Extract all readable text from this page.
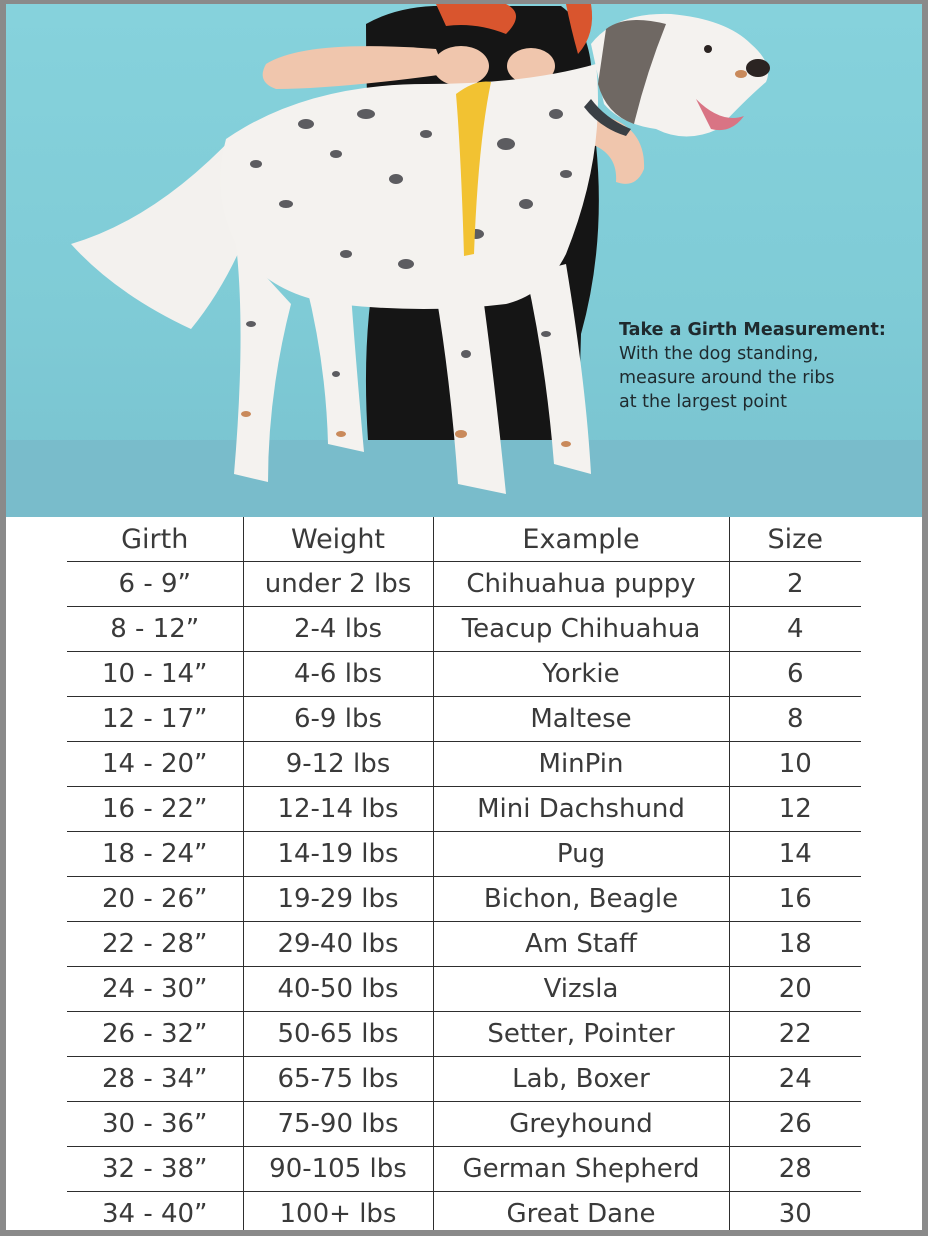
Take a Girth Measurement:
With the dog standing,
measure around the ribs
at the largest point
Girth	Weight	Example	Size
6 - 9”	under 2 lbs	Chihuahua puppy	2
8 - 12”	2-4 lbs	Teacup Chihuahua	4
10 - 14”	4-6 lbs	Yorkie	6
12 - 17”	6-9 lbs	Maltese	8
14 - 20”	9-12 lbs	MinPin	10
16 - 22”	12-14 lbs	Mini Dachshund	12
18 - 24”	14-19 lbs	Pug	14
20 - 26”	19-29 lbs	Bichon, Beagle	16
22 - 28”	29-40 lbs	Am Staff	18
24 - 30”	40-50 lbs	Vizsla	20
26 - 32”	50-65 lbs	Setter, Pointer	22
28 - 34”	65-75 lbs	Lab, Boxer	24
30 - 36”	75-90 lbs	Greyhound	26
32 - 38”	90-105 lbs	German Shepherd	28
34 - 40”	100+ lbs	Great Dane	30
